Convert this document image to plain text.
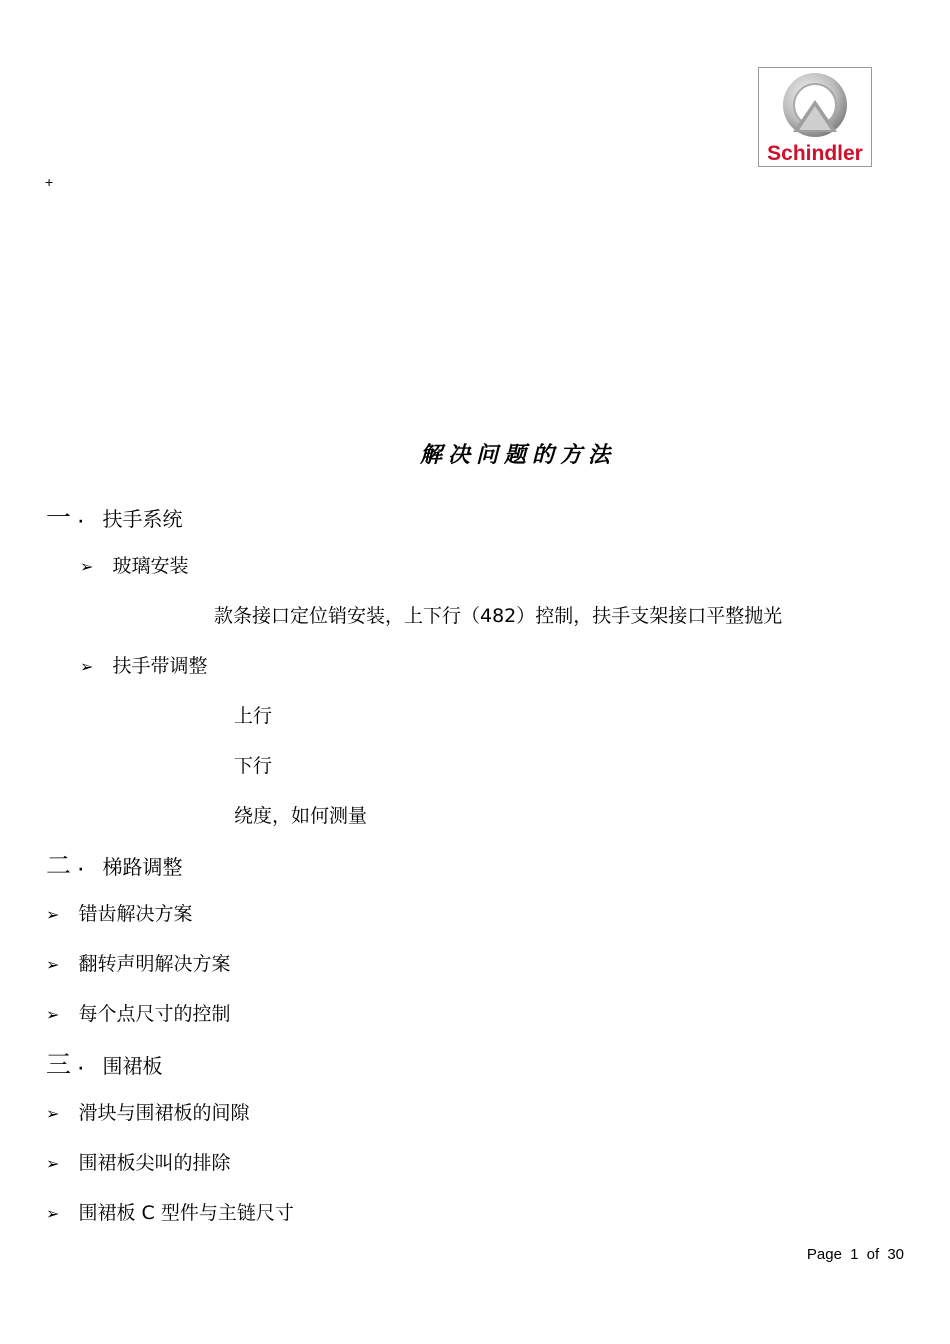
Schindler
+
解决问题的方法
一 · 扶手系统
➢ 玻璃安装
款条接口定位销安装，上下行（482）控制，扶手支架接口平整抛光
➢ 扶手带调整
上行
下行
绕度，如何测量
二 · 梯路调整
➢ 错齿解决方案
➢ 翻转声明解决方案
➢ 每个点尺寸的控制
三 · 围裙板
➢ 滑块与围裙板的间隙
➢ 围裙板尖叫的排除
➢ 围裙板 C 型件与主链尺寸
Page 1 of 30
